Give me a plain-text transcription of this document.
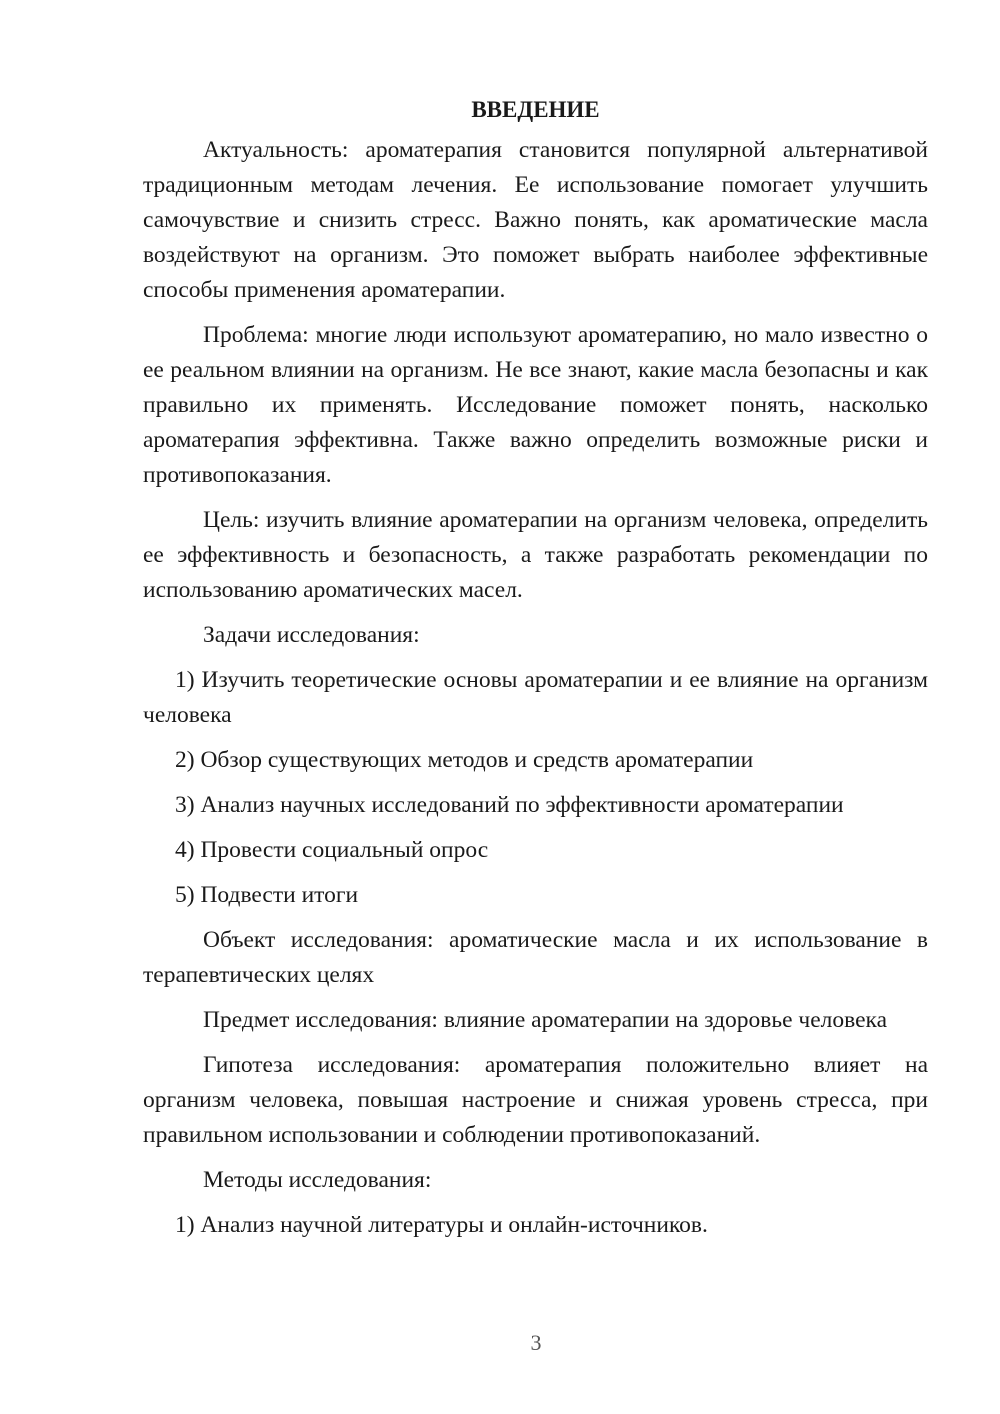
ВВЕДЕНИЕ

Актуальность: ароматерапия становится популярной альтернативой традиционным методам лечения. Ее использование помогает улучшить самочувствие и снизить стресс. Важно понять, как ароматические масла воздействуют на организм. Это поможет выбрать наиболее эффективные способы применения ароматерапии.

Проблема: многие люди используют ароматерапию, но мало известно о ее реальном влиянии на организм. Не все знают, какие масла безопасны и как правильно их применять. Исследование поможет понять, насколько ароматерапия эффективна. Также важно определить возможные риски и противопоказания.

Цель: изучить влияние ароматерапии на организм человека, определить ее эффективность и безопасность, а также разработать рекомендации по использованию ароматических масел.

Задачи исследования:

1) Изучить теоретические основы ароматерапии и ее влияние на организм человека

2) Обзор существующих методов и средств ароматерапии

3) Анализ научных исследований по эффективности ароматерапии

4) Провести социальный опрос

5) Подвести итоги

Объект исследования: ароматические масла и их использование в терапевтических целях

Предмет исследования: влияние ароматерапии на здоровье человека

Гипотеза исследования: ароматерапия положительно влияет на организм человека, повышая настроение и снижая уровень стресса, при правильном использовании и соблюдении противопоказаний.

Методы исследования:

1) Анализ научной литературы и онлайн-источников.

3
